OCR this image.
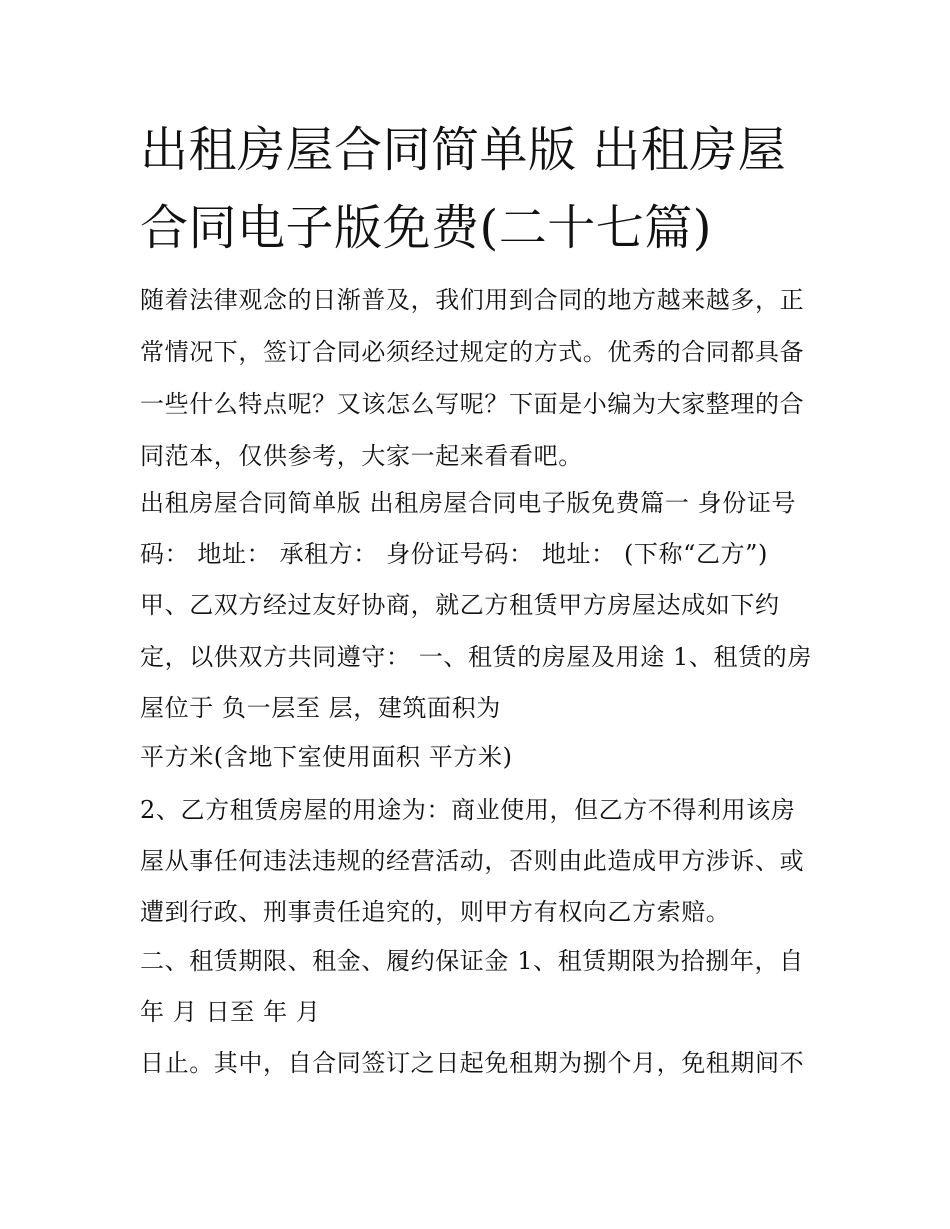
出租房屋合同简单版 出租房屋
合同电子版免费(二十七篇)
随着法律观念的日渐普及，我们用到合同的地方越来越多，正
常情况下，签订合同必须经过规定的方式。优秀的合同都具备
一些什么特点呢？又该怎么写呢？下面是小编为大家整理的合
同范本，仅供参考，大家一起来看看吧。
出租房屋合同简单版 出租房屋合同电子版免费篇一 身份证号
码： 地址： 承租方： 身份证号码： 地址： (下称“乙方”)
甲、乙双方经过友好协商，就乙方租赁甲方房屋达成如下约
定，以供双方共同遵守： 一、租赁的房屋及用途 1、租赁的房
屋位于 负一层至 层，建筑面积为
平方米(含地下室使用面积 平方米)
2、乙方租赁房屋的用途为：商业使用，但乙方不得利用该房
屋从事任何违法违规的经营活动，否则由此造成甲方涉诉、或
遭到行政、刑事责任追究的，则甲方有权向乙方索赔。
二、租赁期限、租金、履约保证金 1、租赁期限为拾捌年，自
年 月 日至 年 月
日止。其中，自合同签订之日起免租期为捌个月，免租期间不
